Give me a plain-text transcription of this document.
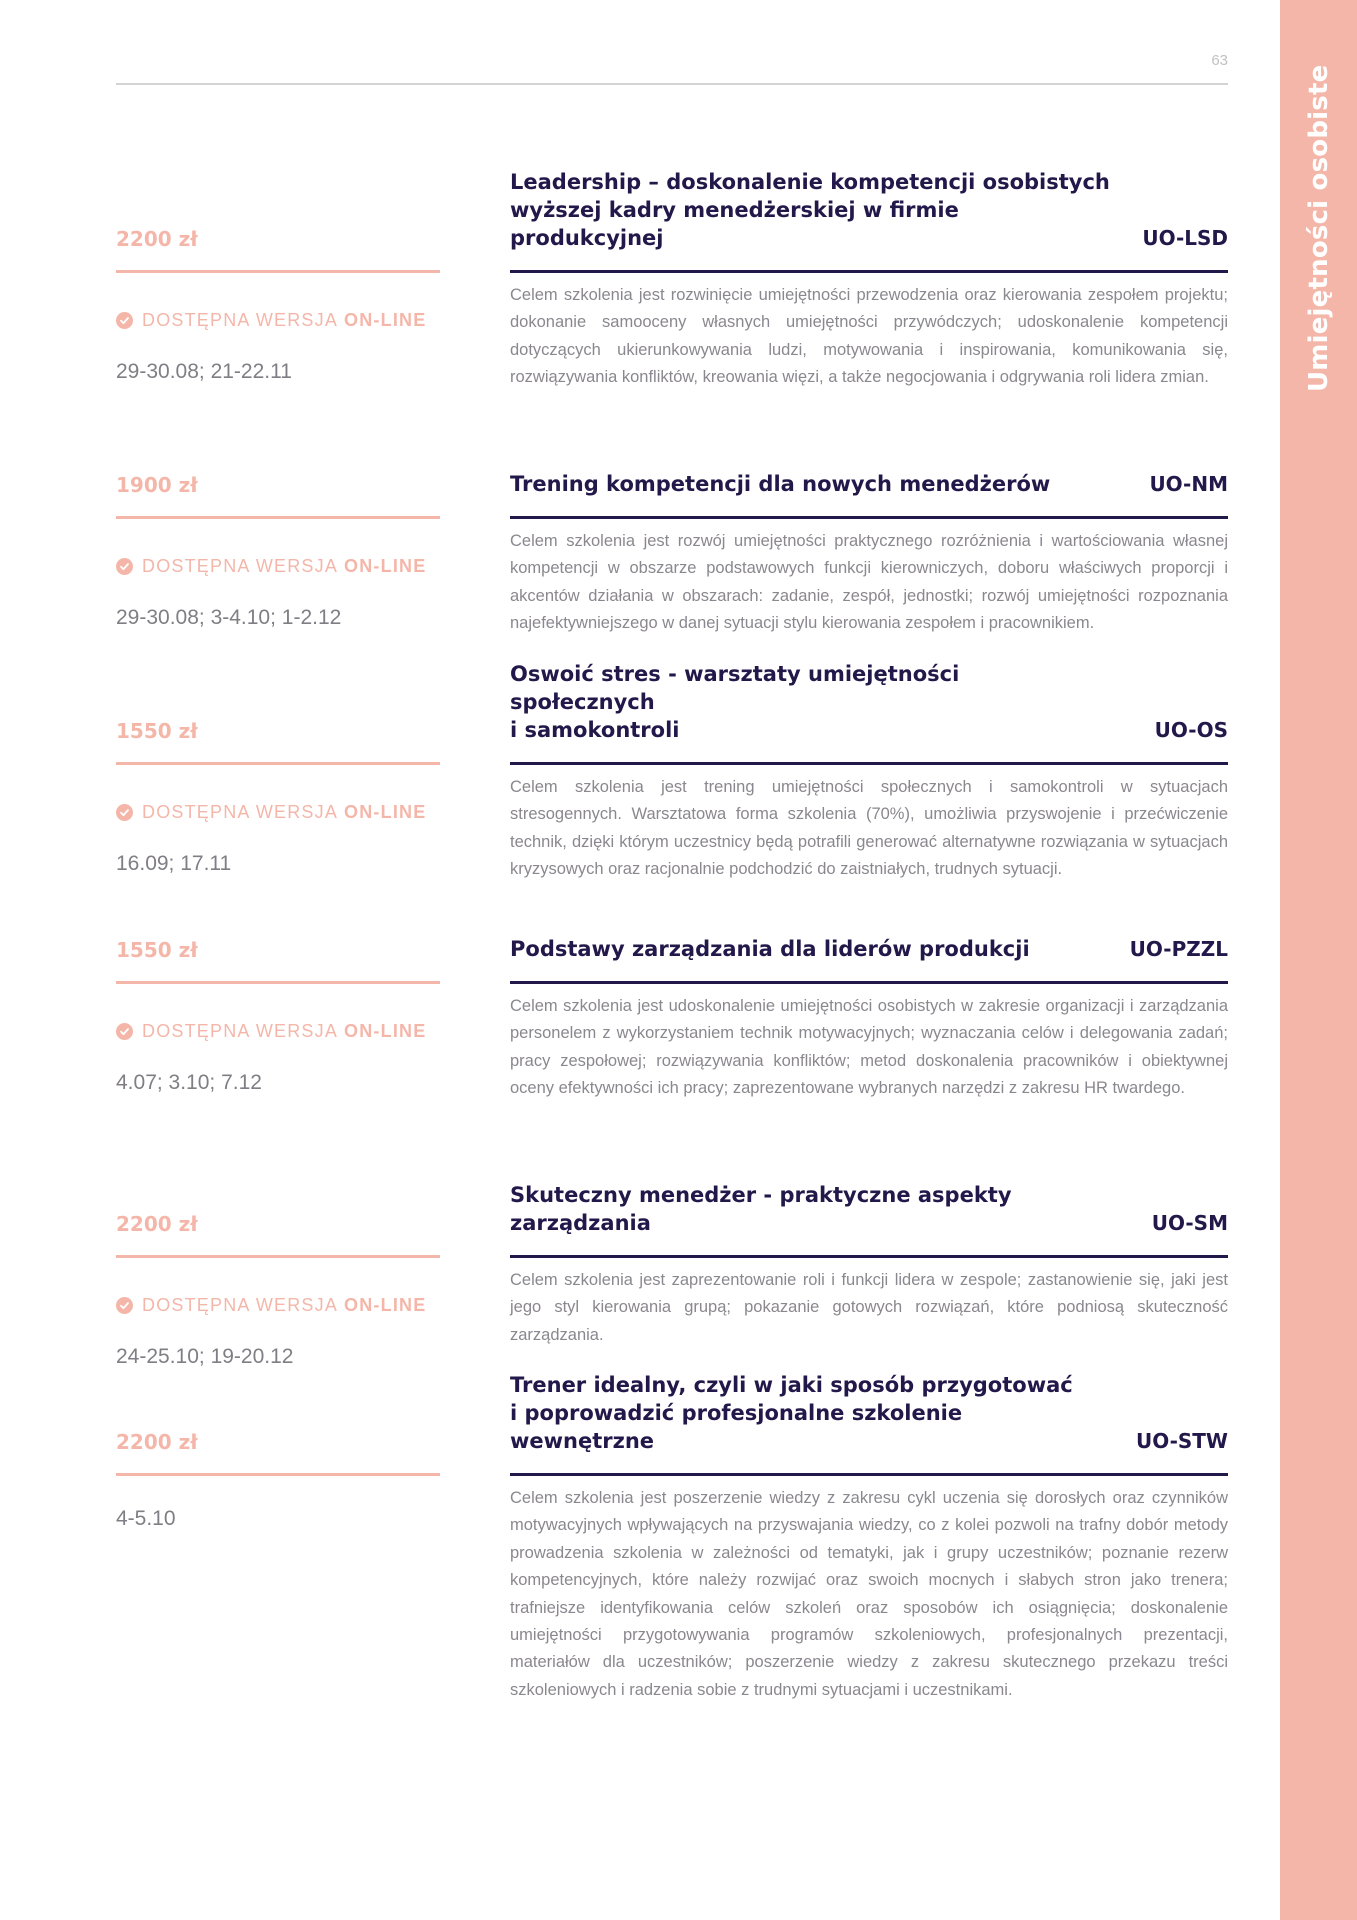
Umiejętności osobiste
63
2200 zł
DOSTĘPNA WERSJA ON-LINE
29-30.08; 21-22.11
Leadership – doskonalenie kompetencji osobistych
wyższej kadry menedżerskiej w firmie produkcyjnej	UO-LSD
Celem szkolenia jest rozwinięcie umiejętności przewodzenia oraz kierowania zespołem projektu; dokonanie samooceny własnych umiejętności przywódczych; udoskonalenie kompetencji dotyczących ukierunkowywania ludzi, motywowania i inspirowania, komunikowania się, rozwiązywania konfliktów, kreowania więzi, a także negocjowania i odgrywania roli lidera zmian.
1900 zł
DOSTĘPNA WERSJA ON-LINE
29-30.08; 3-4.10; 1-2.12
Trening kompetencji dla nowych menedżerów	UO-NM
Celem szkolenia jest rozwój umiejętności praktycznego rozróżnienia i wartościowania własnej kompetencji w obszarze podstawowych funkcji kierowniczych, doboru właściwych proporcji i akcentów działania w obszarach: zadanie, zespół, jednostki; rozwój umiejętności rozpoznania najefektywniejszego w danej sytuacji stylu kierowania zespołem i pracownikiem.
1550 zł
DOSTĘPNA WERSJA ON-LINE
16.09; 17.11
Oswoić stres - warsztaty umiejętności społecznych
i samokontroli	UO-OS
Celem szkolenia jest trening umiejętności społecznych i samokontroli w sytuacjach stresogennych. Warsztatowa forma szkolenia (70%), umożliwia przyswojenie i przećwiczenie technik, dzięki którym uczestnicy będą potrafili generować alternatywne rozwiązania w sytuacjach kryzysowych oraz racjonalnie podchodzić do zaistniałych, trudnych sytuacji.
1550 zł
DOSTĘPNA WERSJA ON-LINE
4.07; 3.10; 7.12
Podstawy zarządzania dla liderów produkcji	UO-PZZL
Celem szkolenia jest udoskonalenie umiejętności osobistych w zakresie organizacji i zarządzania personelem z wykorzystaniem technik motywacyjnych; wyznaczania celów i delegowania zadań; pracy zespołowej; rozwiązywania konfliktów; metod doskonalenia pracowników i obiektywnej oceny efektywności ich pracy; zaprezentowane wybranych narzędzi z zakresu HR twardego.
2200 zł
DOSTĘPNA WERSJA ON-LINE
24-25.10; 19-20.12
Skuteczny menedżer - praktyczne aspekty zarządzania	UO-SM
Celem szkolenia jest zaprezentowanie roli i funkcji lidera w zespole; zastanowienie się, jaki jest jego styl kierowania grupą; pokazanie gotowych rozwiązań, które podniosą skuteczność zarządzania.
2200 zł
4-5.10
Trener idealny, czyli w jaki sposób przygotować
i poprowadzić profesjonalne szkolenie wewnętrzne	UO-STW
Celem szkolenia jest poszerzenie wiedzy z zakresu cykl uczenia się dorosłych oraz czynników motywacyjnych wpływających na przyswajania wiedzy, co z kolei pozwoli na trafny dobór metody prowadzenia szkolenia w zależności od tematyki, jak i grupy uczestników; poznanie rezerw kompetencyjnych, które należy rozwijać oraz swoich mocnych i słabych stron jako trenera; trafniejsze identyfikowania celów szkoleń oraz sposobów ich osiągnięcia; doskonalenie umiejętności przygotowywania programów szkoleniowych, profesjonalnych prezentacji, materiałów dla uczestników; poszerzenie wiedzy z zakresu skutecznego przekazu treści szkoleniowych i radzenia sobie z trudnymi sytuacjami i uczestnikami.
